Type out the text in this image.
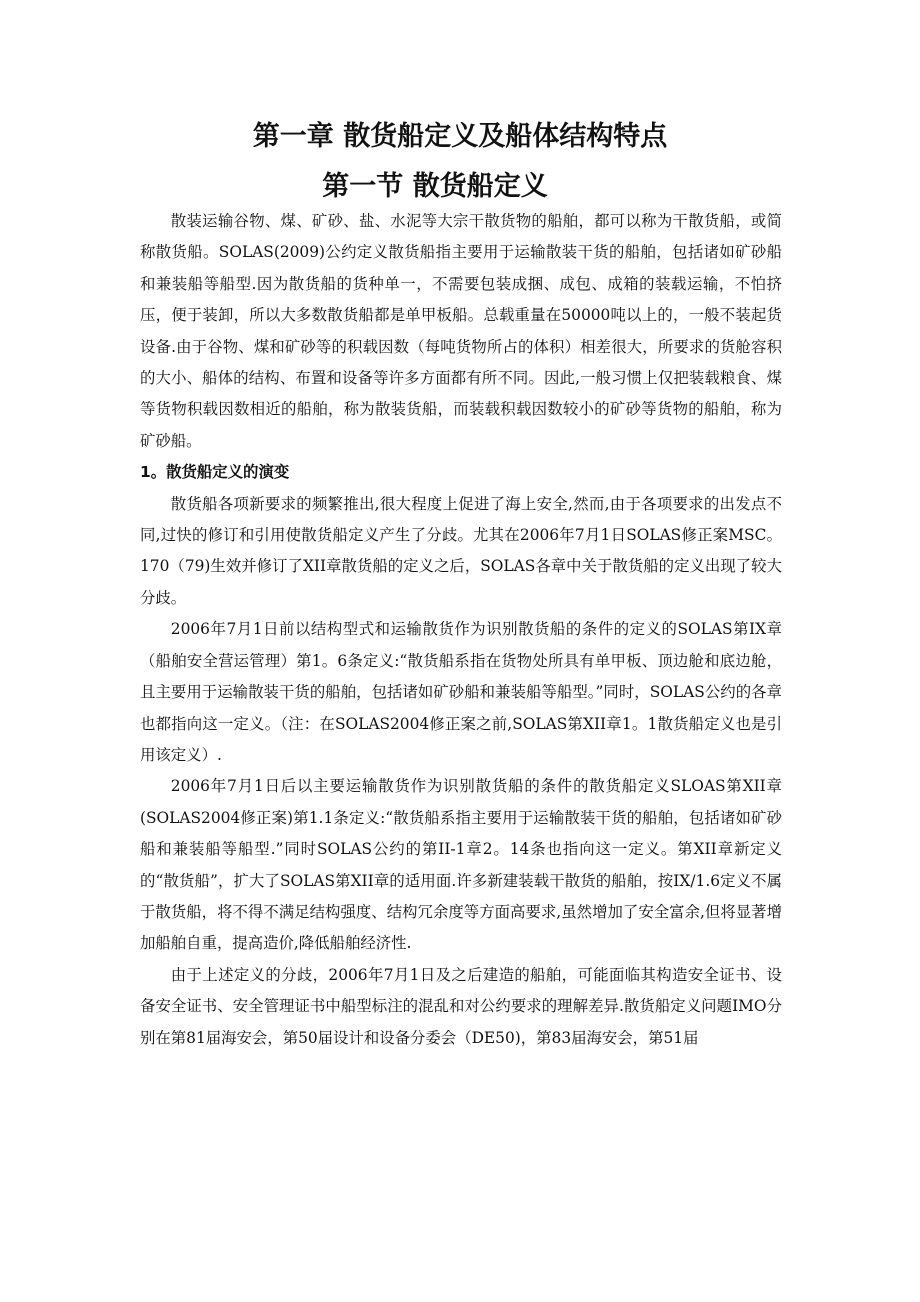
第一章 散货船定义及船体结构特点
第一节 散货船定义

散装运输谷物、煤、矿砂、盐、水泥等大宗干散货物的船舶，都可以称为干散货船，或简称散货船。SOLAS(2009)公约定义散货船指主要用于运输散装干货的船舶，包括诸如矿砂船和兼装船等船型.因为散货船的货种单一，不需要包装成捆、成包、成箱的装载运输，不怕挤压，便于装卸，所以大多数散货船都是单甲板船。总载重量在50000吨以上的，一般不装起货设备.由于谷物、煤和矿砂等的积载因数（每吨货物所占的体积）相差很大，所要求的货舱容积的大小、船体的结构、布置和设备等许多方面都有所不同。因此,一般习惯上仅把装载粮食、煤等货物积载因数相近的船舶，称为散装货船，而装载积载因数较小的矿砂等货物的船舶，称为矿砂船。

1。散货船定义的演变

散货船各项新要求的频繁推出,很大程度上促进了海上安全,然而,由于各项要求的出发点不同,过快的修订和引用使散货船定义产生了分歧。尤其在2006年7月1日SOLAS修正案MSC。170（79)生效并修订了XII章散货船的定义之后，SOLAS各章中关于散货船的定义出现了较大分歧。

2006年7月1日前以结构型式和运输散货作为识别散货船的条件的定义的SOLAS第IX章（船舶安全营运管理）第1。6条定义:“散货船系指在货物处所具有单甲板、顶边舱和底边舱，且主要用于运输散装干货的船舶，包括诸如矿砂船和兼装船等船型。”同时，SOLAS公约的各章也都指向这一定义。（注：在SOLAS2004修正案之前,SOLAS第XII章1。1散货船定义也是引用该定义）.

2006年7月1日后以主要运输散货作为识别散货船的条件的散货船定义SLOAS第XII章(SOLAS2004修正案)第1.1条定义:“散货船系指主要用于运输散装干货的船舶，包括诸如矿砂船和兼装船等船型.”同时SOLAS公约的第II-1章2。14条也指向这一定义。第XII章新定义的“散货船”，扩大了SOLAS第XII章的适用面.许多新建装载干散货的船舶，按IX/1.6定义不属于散货船，将不得不满足结构强度、结构冗余度等方面高要求,虽然增加了安全富余,但将显著增加船舶自重，提高造价,降低船舶经济性.

由于上述定义的分歧，2006年7月1日及之后建造的船舶，可能面临其构造安全证书、设备安全证书、安全管理证书中船型标注的混乱和对公约要求的理解差异.散货船定义问题IMO分别在第81届海安会，第50届设计和设备分委会（DE50)，第83届海安会，第51届
